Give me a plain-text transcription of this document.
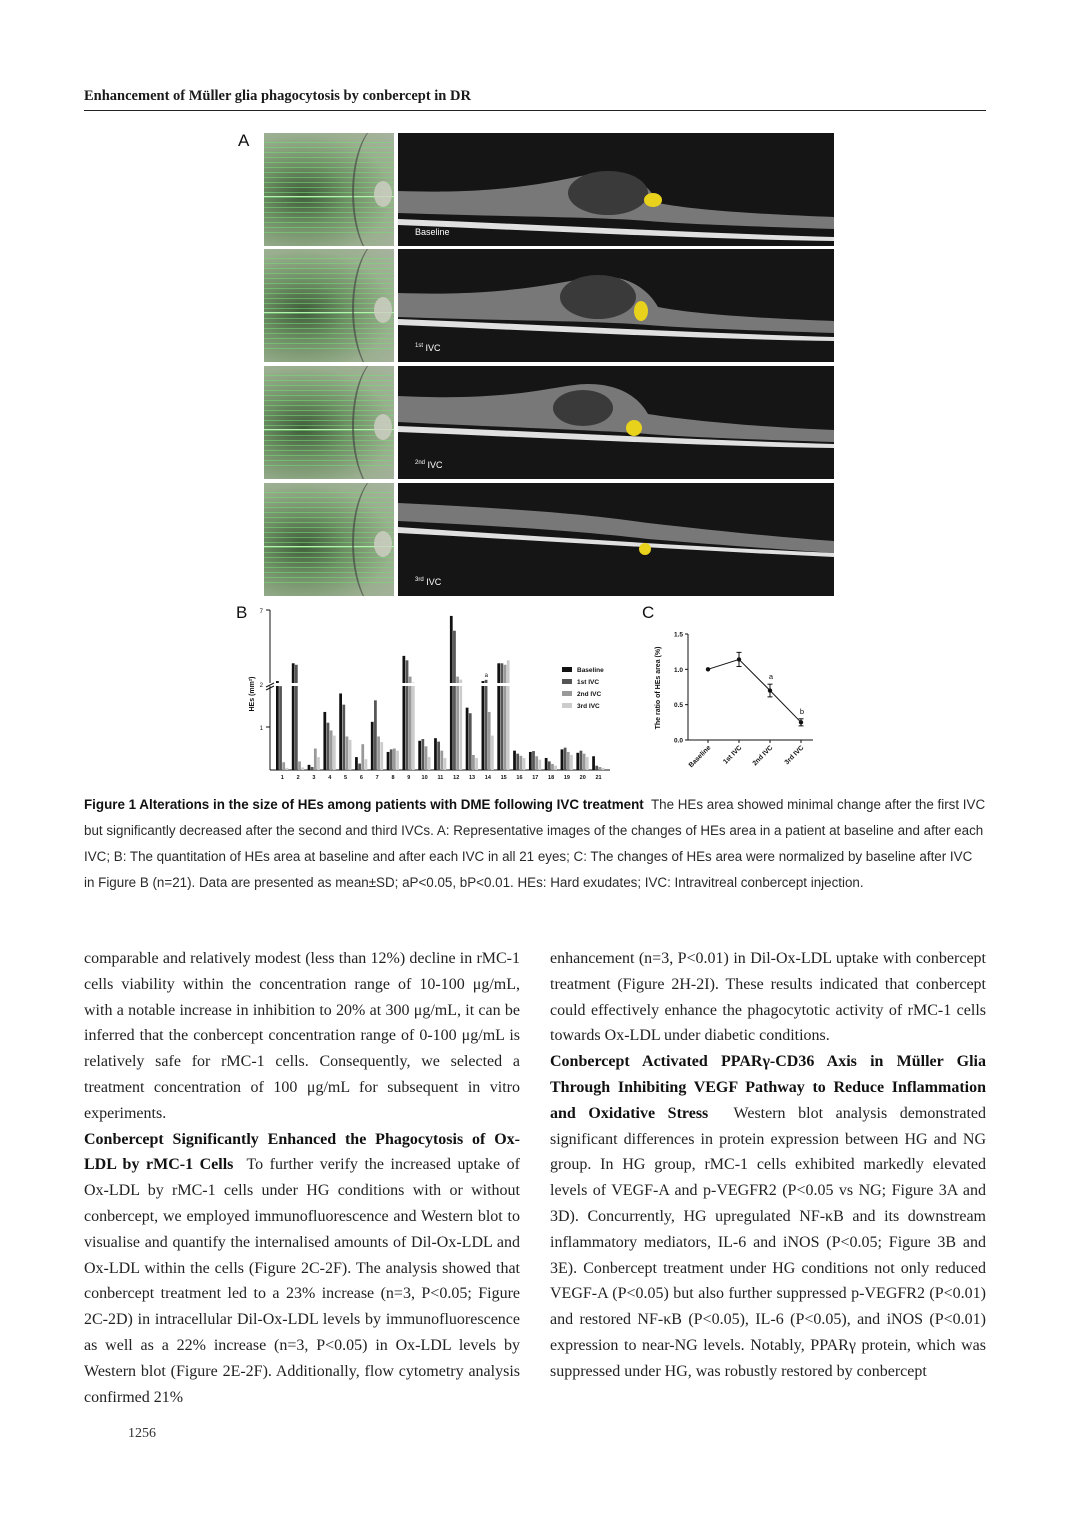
Enhancement of Müller glia phagocytosis by conbercept in DR
A
Baseline
$^{1st}$ IVC
$^{2nd}$ IVC
$^{3rd}$ IVC
B	C
1
2
7
HEs (mm²)
1 2 3 4 5 6 7 8 9 10 11 12 13 14 15 16 17 18 19 20 21
a
Baseline
1st IVC
2nd IVC
3rd IVC
0.0
0.5
1.0
1.5
The ratio of HEs area (%)
Baseline 1st IVC 2nd IVC 3rd IVC
a
b

Figure 1 Alterations in the size of HEs among patients with DME following IVC treatment The HEs area showed minimal change after the first IVC but significantly decreased after the second and third IVCs. A: Representative images of the changes of HEs area in a patient at baseline and after each IVC; B: The quantitation of HEs area at baseline and after each IVC in all 21 eyes; C: The changes of HEs area were normalized by baseline after IVC in Figure B (n=21). Data are presented as mean±SD; aP<0.05, bP<0.01. HEs: Hard exudates; IVC: Intravitreal conbercept injection.

comparable and relatively modest (less than 12%) decline in rMC-1 cells viability within the concentration range of 10-100 μg/mL, with a notable increase in inhibition to 20% at 300 μg/mL, it can be inferred that the conbercept concentration range of 0-100 μg/mL is relatively safe for rMC-1 cells. Consequently, we selected a treatment concentration of 100 μg/mL for subsequent in vitro experiments.

Conbercept Significantly Enhanced the Phagocytosis of Ox-LDL by rMC-1 Cells To further verify the increased uptake of Ox-LDL by rMC-1 cells under HG conditions with or without conbercept, we employed immunofluorescence and Western blot to visualise and quantify the internalised amounts of Dil-Ox-LDL and Ox-LDL within the cells (Figure 2C-2F). The analysis showed that conbercept treatment led to a 23% increase (n=3, P<0.05; Figure 2C-2D) in intracellular Dil-Ox-LDL levels by immunofluorescence as well as a 22% increase (n=3, P<0.05) in Ox-LDL levels by Western blot (Figure 2E-2F). Additionally, flow cytometry analysis confirmed 21%

enhancement (n=3, P<0.01) in Dil-Ox-LDL uptake with conbercept treatment (Figure 2H-2I). These results indicated that conbercept could effectively enhance the phagocytotic activity of rMC-1 cells towards Ox-LDL under diabetic conditions.

Conbercept Activated PPARγ-CD36 Axis in Müller Glia Through Inhibiting VEGF Pathway to Reduce Inflammation and Oxidative Stress Western blot analysis demonstrated significant differences in protein expression between HG and NG group. In HG group, rMC-1 cells exhibited markedly elevated levels of VEGF-A and p-VEGFR2 (P<0.05 vs NG; Figure 3A and 3D). Concurrently, HG upregulated NF-κB and its downstream inflammatory mediators, IL-6 and iNOS (P<0.05; Figure 3B and 3E). Conbercept treatment under HG conditions not only reduced VEGF-A (P<0.05) but also further suppressed p-VEGFR2 (P<0.01) and restored NF-κB (P<0.05), IL-6 (P<0.05), and iNOS (P<0.01) expression to near-NG levels. Notably, PPARγ protein, which was suppressed under HG, was robustly restored by conbercept

1256
